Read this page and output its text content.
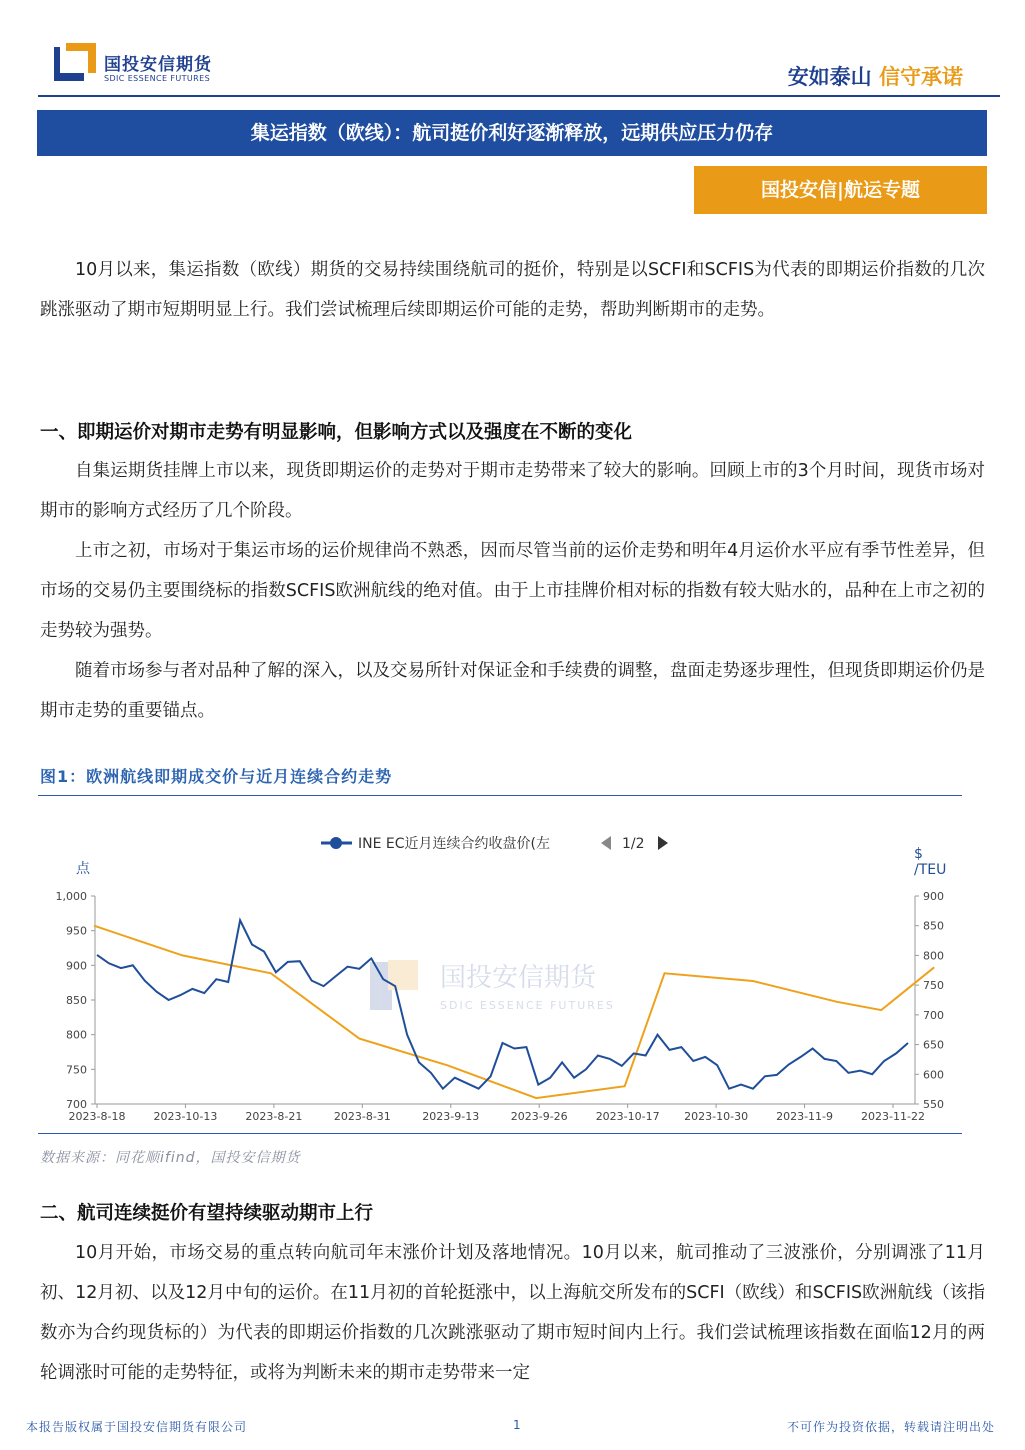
国投安信期货
SDIC ESSENCE FUTURES	安如泰山 信守承诺
集运指数（欧线）：航司挺价利好逐渐释放，远期供应压力仍存
国投安信|航运专题
10月以来，集运指数（欧线）期货的交易持续围绕航司的挺价，特别是以SCFI和SCFIS为代表的即期运价指数的几次跳涨驱动了期市短期明显上行。我们尝试梳理后续即期运价可能的走势，帮助判断期市的走势。
一、即期运价对期市走势有明显影响，但影响方式以及强度在不断的变化
自集运期货挂牌上市以来，现货即期运价的走势对于期市走势带来了较大的影响。回顾上市的3个月时间，现货市场对期市的影响方式经历了几个阶段。
上市之初，市场对于集运市场的运价规律尚不熟悉，因而尽管当前的运价走势和明年4月运价水平应有季节性差异，但市场的交易仍主要围绕标的指数SCFIS欧洲航线的绝对值。由于上市挂牌价相对标的指数有较大贴水的，品种在上市之初的走势较为强势。
随着市场参与者对品种了解的深入，以及交易所针对保证金和手续费的调整，盘面走势逐步理性，但现货即期运价仍是期市走势的重要锚点。
图1：欧洲航线即期成交价与近月连续合约走势
国投安信期货
SDIC ESSENCE FUTURES
INE EC近月连续合约收盘价(左	1/2
点
$
/TEU
1,000
950
900
850
800
750
700
900
850
800
750
700
650
600
550
2023-8-18	2023-10-13	2023-8-21	2023-8-31	2023-9-13	2023-9-26	2023-10-17 2023-10-30	2023-11-9	2023-11-22
数据来源：同花顺ifind，国投安信期货
二、航司连续挺价有望持续驱动期市上行
10月开始，市场交易的重点转向航司年末涨价计划及落地情况。10月以来，航司推动了三波涨价，分别调涨了11月初、12月初、以及12月中旬的运价。在11月初的首轮挺涨中，以上海航交所发布的SCFI（欧线）和SCFIS欧洲航线（该指数亦为合约现货标的）为代表的即期运价指数的几次跳涨驱动了期市短时间内上行。我们尝试梳理该指数在面临12月的两轮调涨时可能的走势特征，或将为判断未来的期市走势带来一定
本报告版权属于国投安信期货有限公司	1	不可作为投资依据，转载请注明出处
